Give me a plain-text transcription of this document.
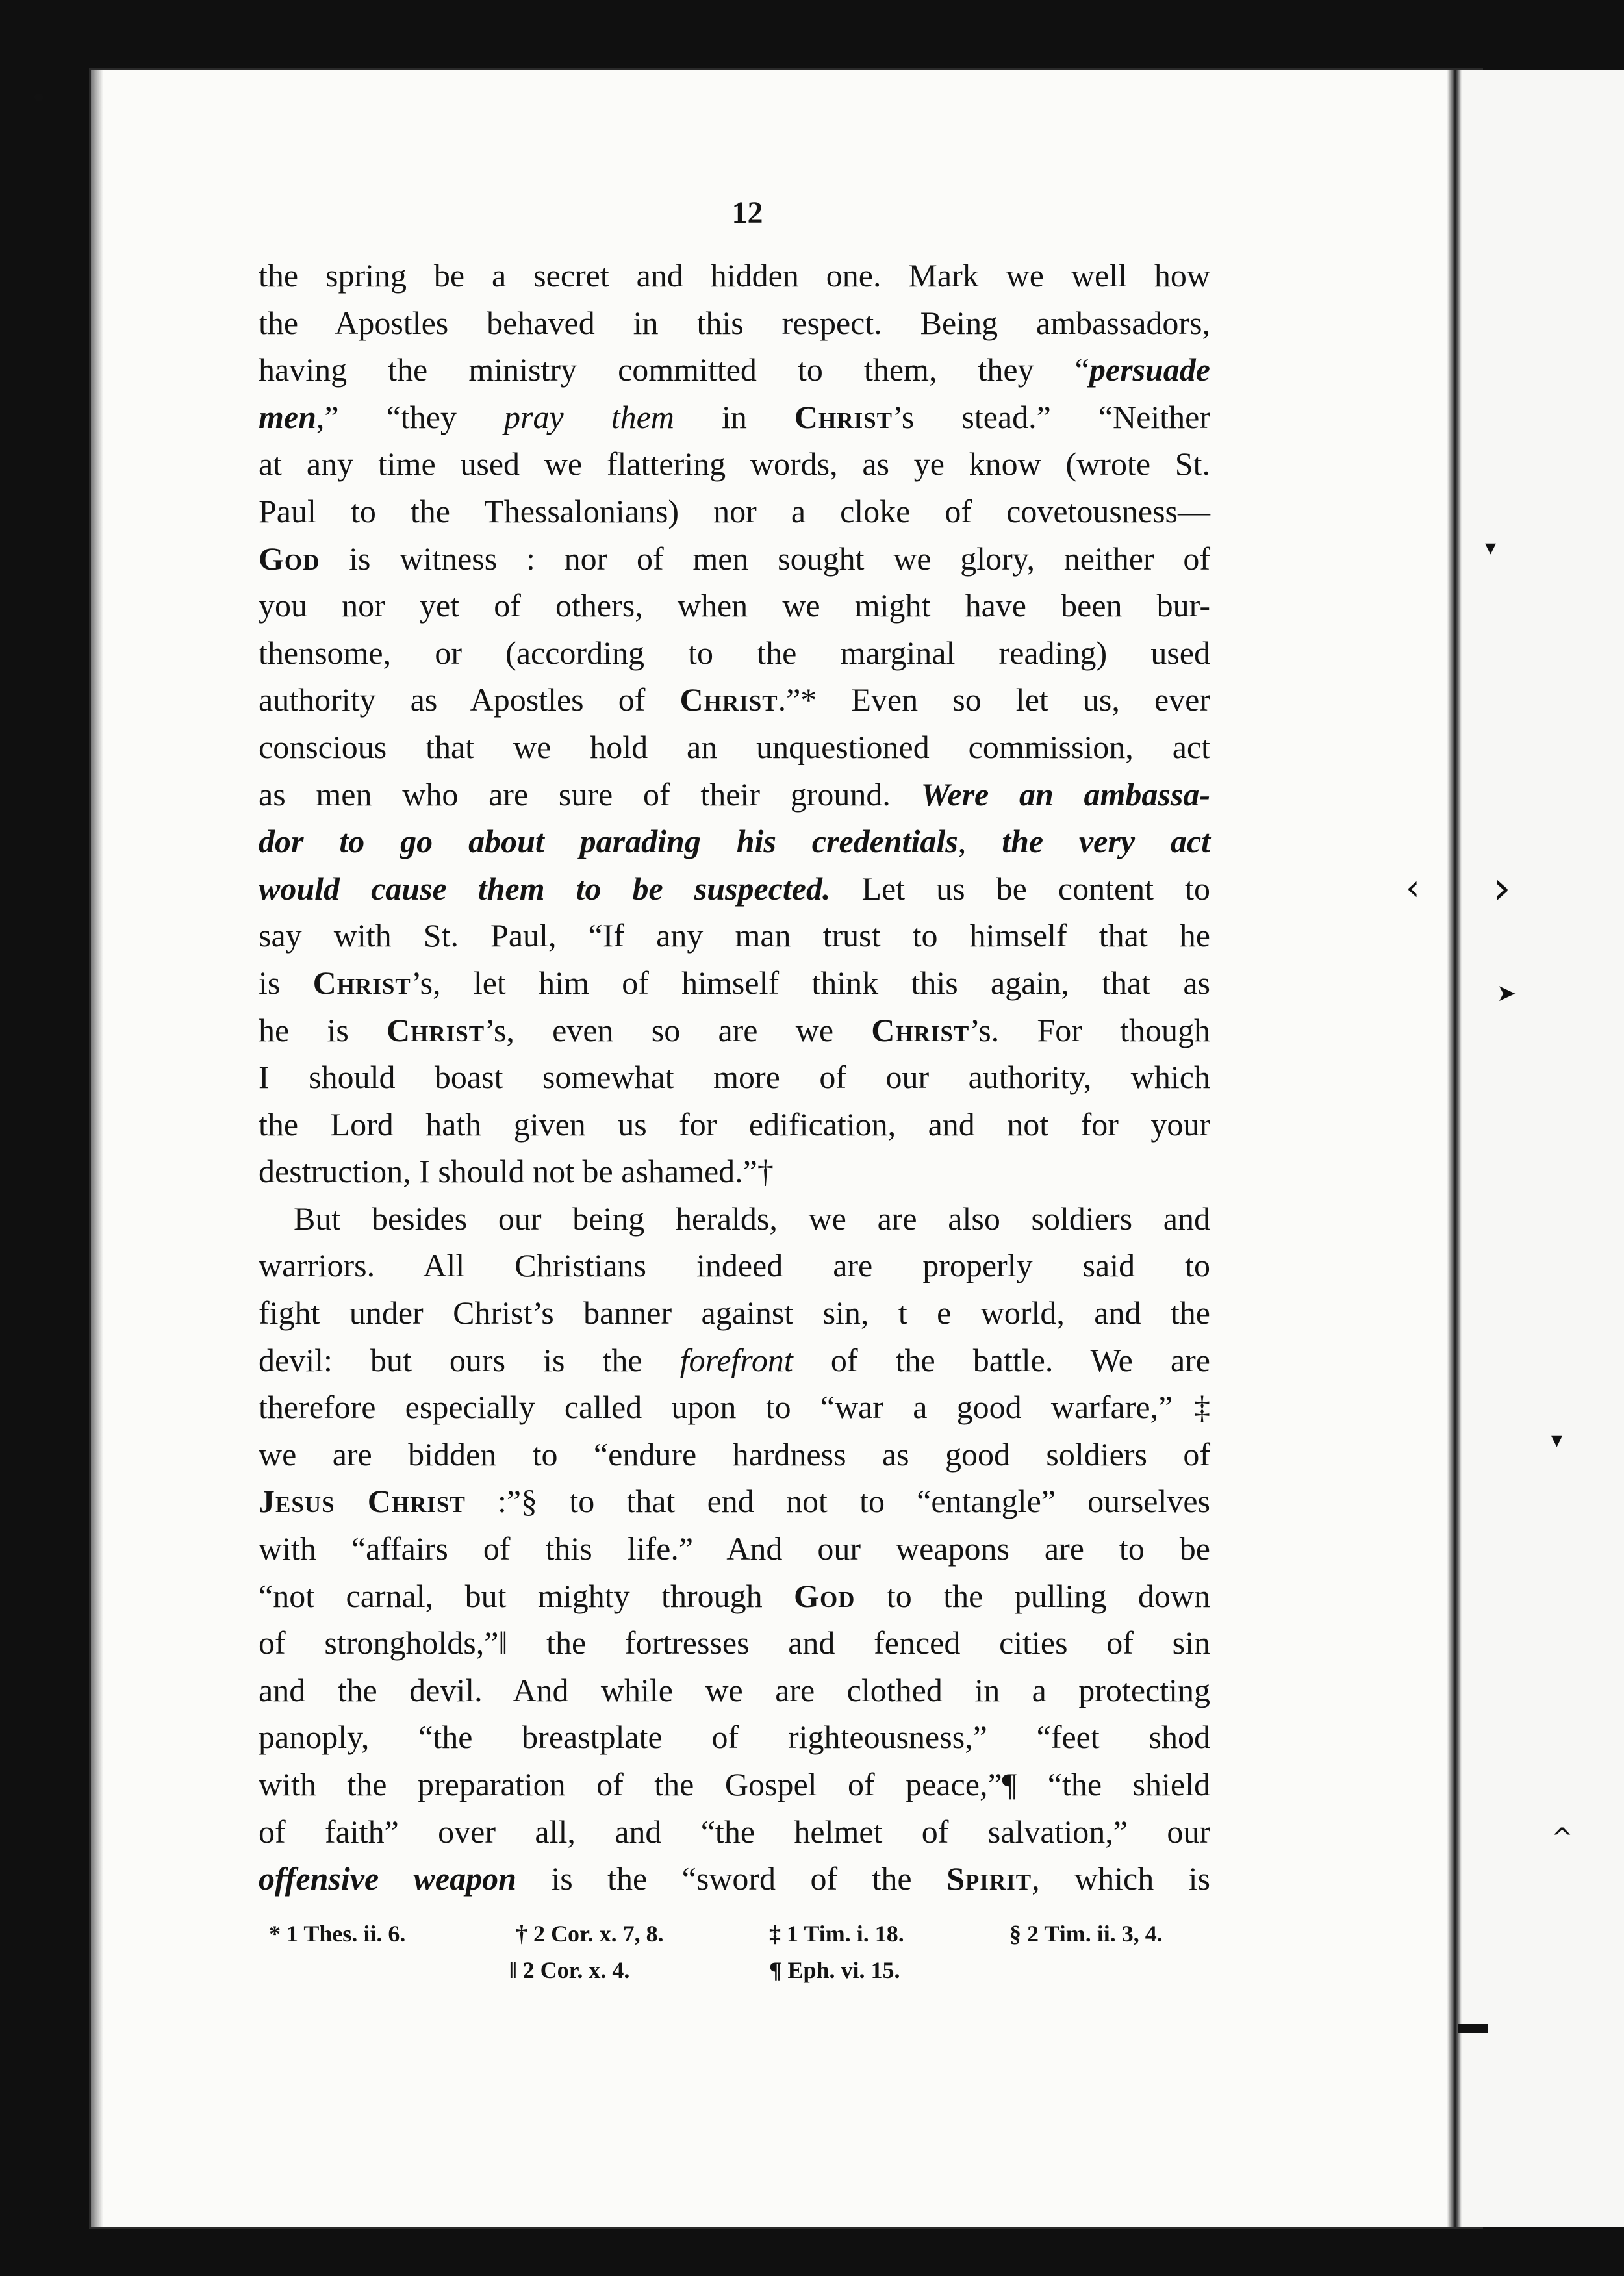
•
▾
›
‹
➤
▾
^
12
the spring be a secret and hidden one. Mark we well how
the Apostles behaved in this respect. Being ambassadors,
having the ministry committed to them, they “persuade
men,” “they pray them in Christ’s stead.” “Neither
at any time used we flattering words, as ye know (wrote St.
Paul to the Thessalonians) nor a cloke of covetousness—
God is witness : nor of men sought we glory, neither of
you nor yet of others, when we might have been bur-
thensome, or (according to the marginal reading) used
authority as Apostles of Christ.”* Even so let us, ever
conscious that we hold an unquestioned commission, act
as men who are sure of their ground. Were an ambassa-
dor to go about parading his credentials, the very act
would cause them to be suspected. Let us be content to
say with St. Paul, “If any man trust to himself that he
is Christ’s, let him of himself think this again, that as
he is Christ’s, even so are we Christ’s. For though
I should boast somewhat more of our authority, which
the Lord hath given us for edification, and not for your
destruction, I should not be ashamed.”†
But besides our being heralds, we are also soldiers and
warriors. All Christians indeed are properly said to
fight under Christ’s banner against sin, t e world, and the
devil: but ours is the forefront of the battle. We are
therefore especially called upon to “war a good warfare,”‡
we are bidden to “endure hardness as good soldiers of
Jesus Christ :”§ to that end not to “entangle” ourselves
with “affairs of this life.” And our weapons are to be
“not carnal, but mighty through God to the pulling down
of strongholds,”‖ the fortresses and fenced cities of sin
and the devil. And while we are clothed in a protecting
panoply, “the breastplate of righteousness,” “feet shod
with the preparation of the Gospel of peace,”¶ “the shield
of faith” over all, and “the helmet of salvation,” our
offensive weapon is the “sword of the Spirit, which is
* 1 Thes. ii. 6.	† 2 Cor. x. 7, 8.	‡ 1 Tim. i. 18.	§ 2 Tim. ii. 3, 4.
‖ 2 Cor. x. 4.	¶ Eph. vi. 15.
